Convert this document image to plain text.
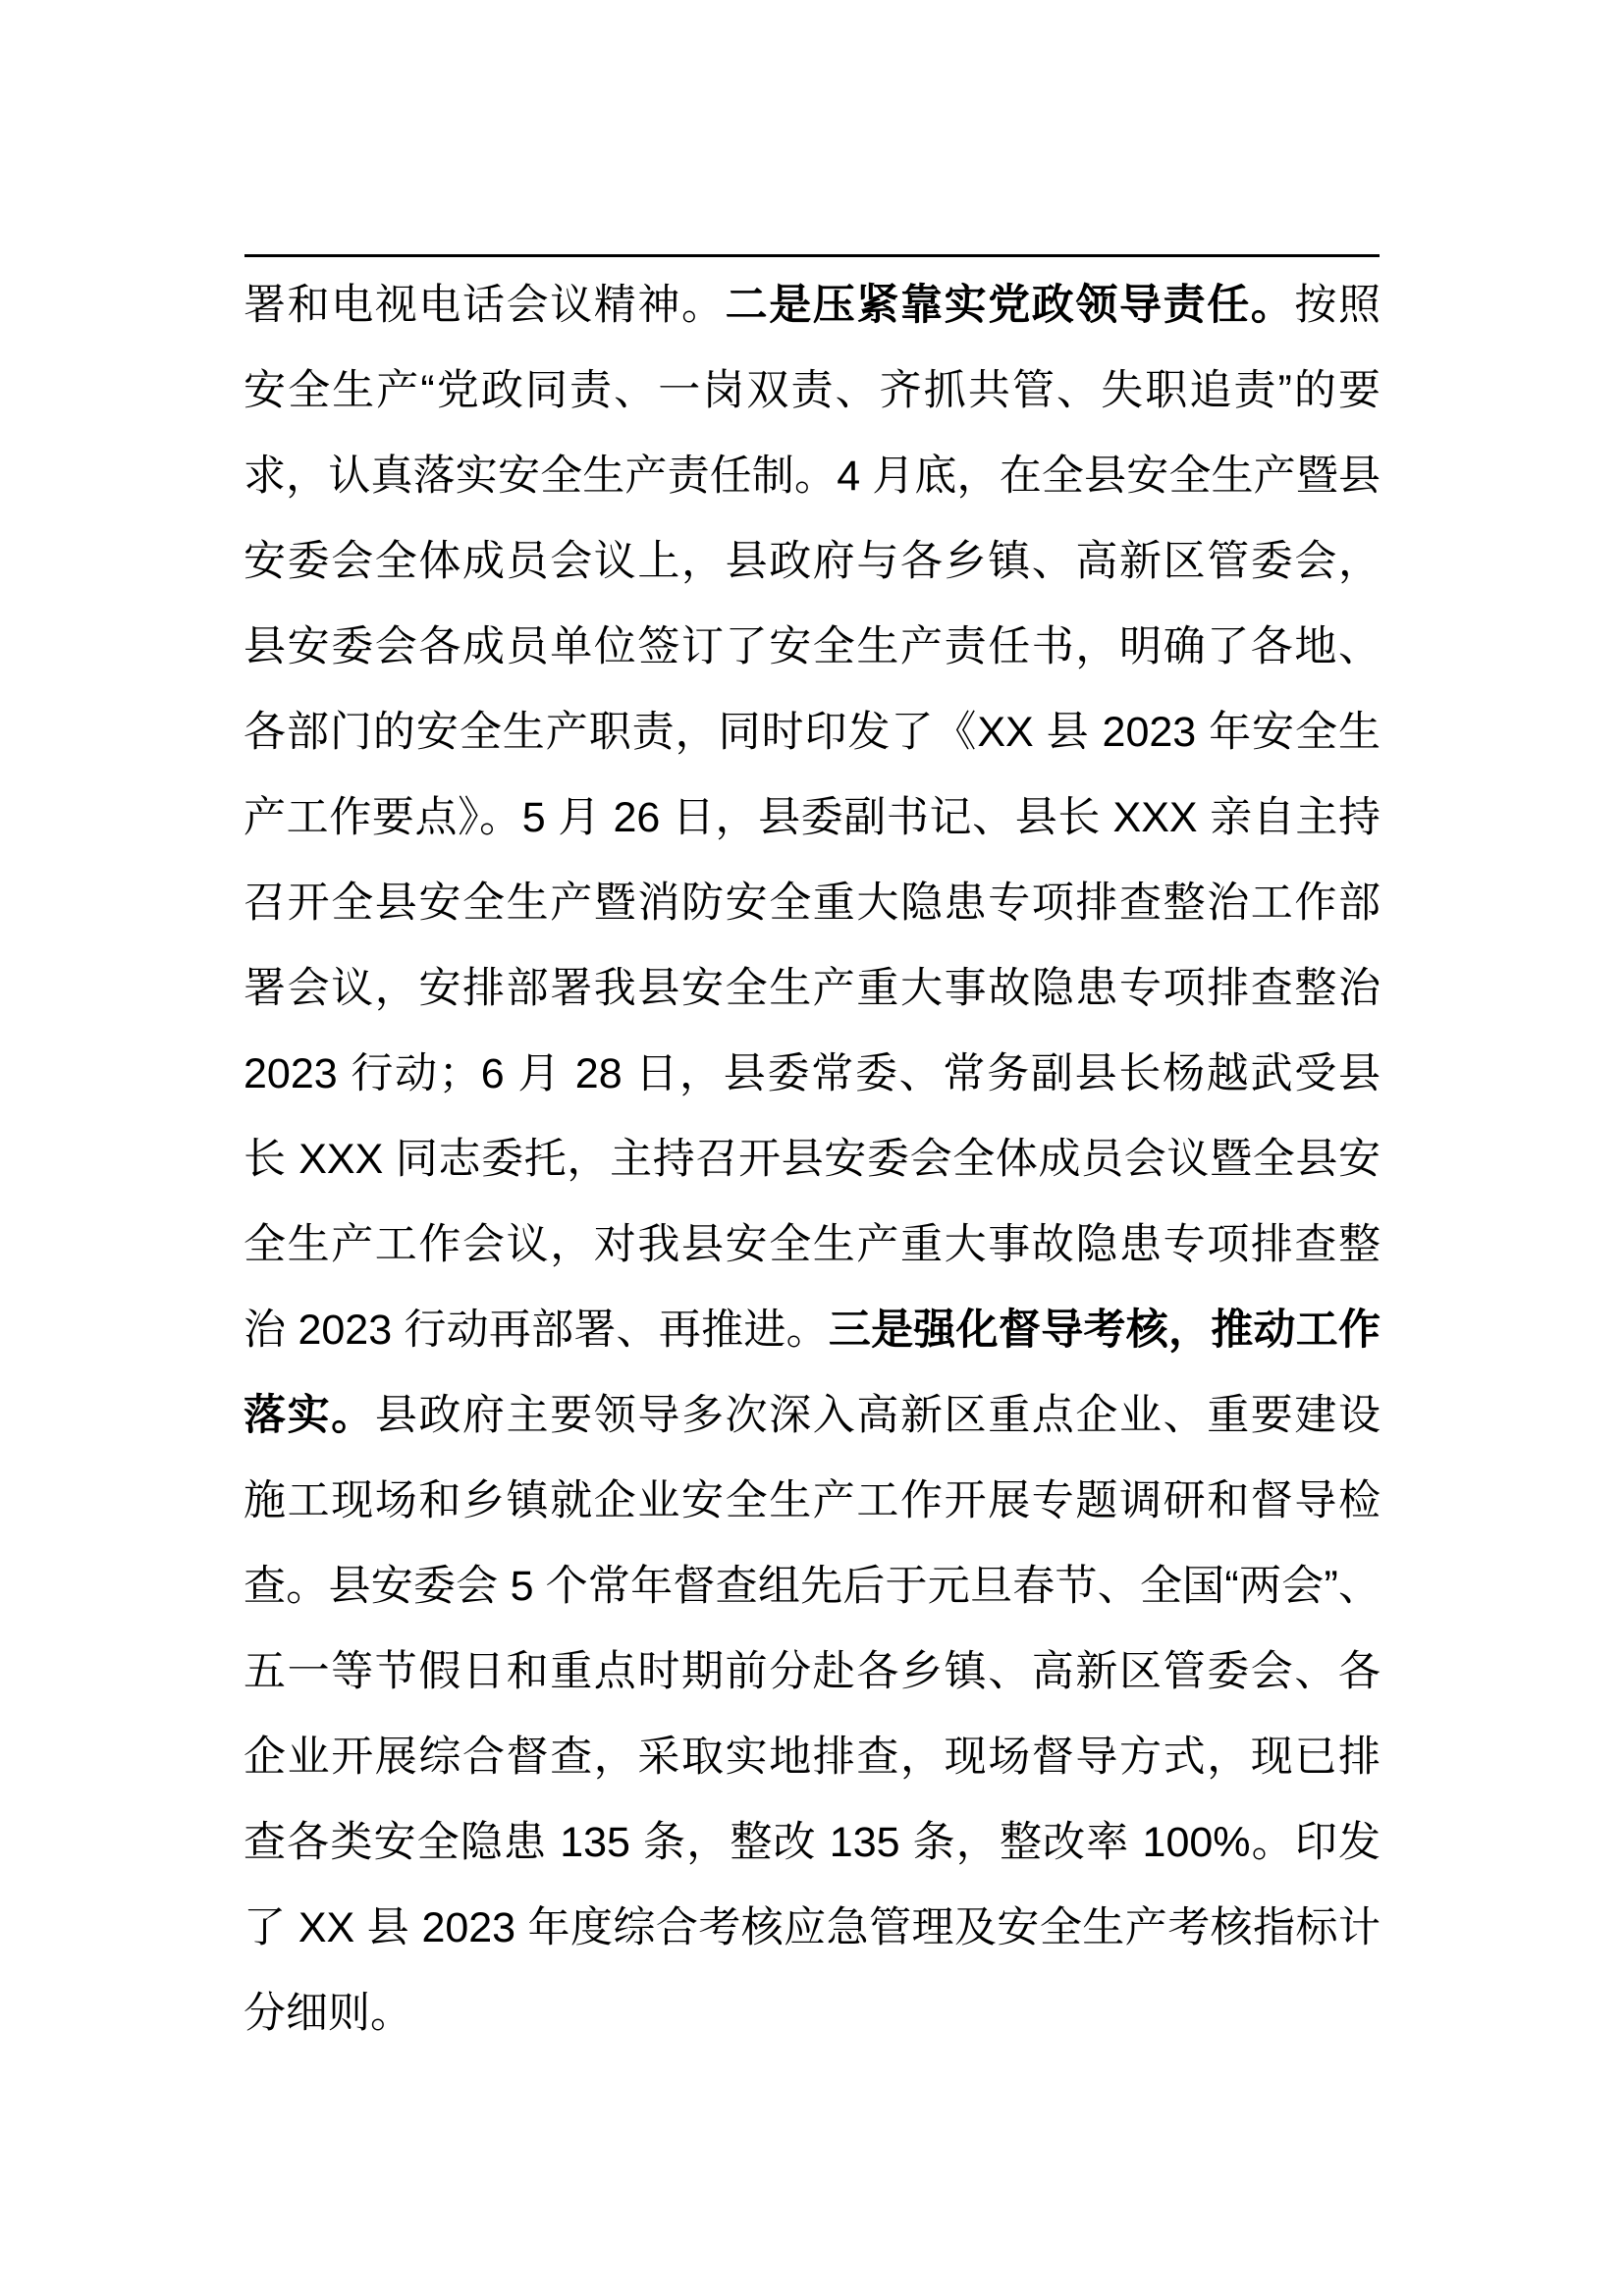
署和电视电话会议精神。二是压紧靠实党政领导责任。按照安全生产“党政同责、一岗双责、齐抓共管、失职追责”的要求，认真落实安全生产责任制。4 月底，在全县安全生产暨县安委会全体成员会议上，县政府与各乡镇、高新区管委会，县安委会各成员单位签订了安全生产责任书，明确了各地、各部门的安全生产职责，同时印发了《XX 县 2023 年安全生产工作要点》。5 月 26 日，县委副书记、县长 XXX 亲自主持召开全县安全生产暨消防安全重大隐患专项排查整治工作部署会议，安排部署我县安全生产重大事故隐患专项排查整治 2023 行动；6 月 28 日，县委常委、常务副县长杨越武受县长 XXX 同志委托，主持召开县安委会全体成员会议暨全县安全生产工作会议，对我县安全生产重大事故隐患专项排查整治 2023 行动再部署、再推进。三是强化督导考核，推动工作落实。县政府主要领导多次深入高新区重点企业、重要建设施工现场和乡镇就企业安全生产工作开展专题调研和督导检查。县安委会 5 个常年督查组先后于元旦春节、全国“两会”、五一等节假日和重点时期前分赴各乡镇、高新区管委会、各企业开展综合督查，采取实地排查，现场督导方式，现已排查各类安全隐患 135 条，整改 135 条，整改率 100%。印发了 XX 县 2023 年度综合考核应急管理及安全生产考核指标计分细则。
